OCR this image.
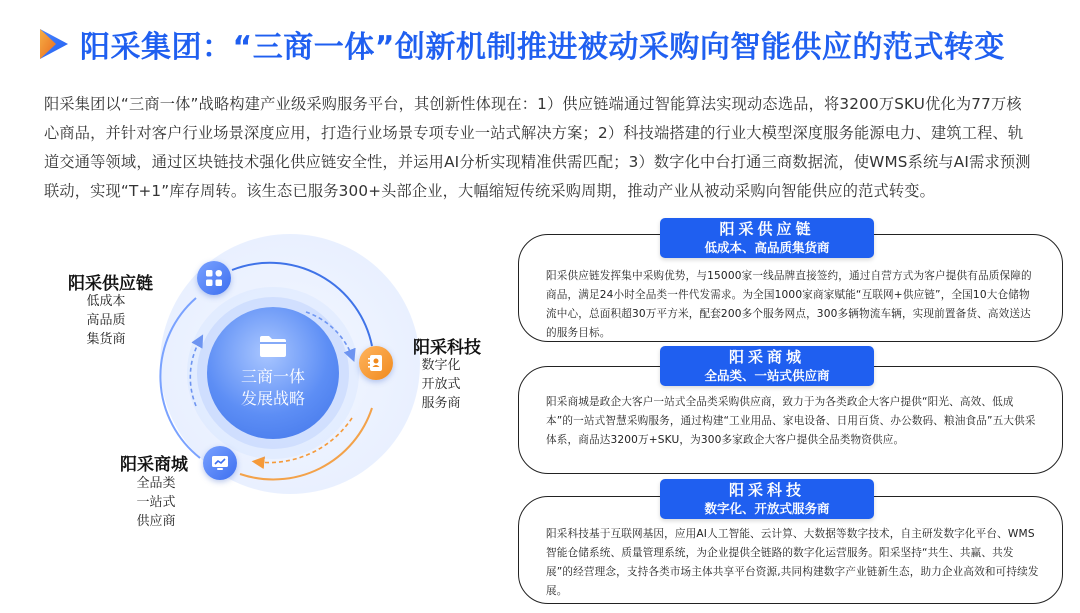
阳采集团：“三商一体”创新机制推进被动采购向智能供应的范式转变
阳采集团以“三商一体”战略构建产业级采购服务平台，其创新性体现在：1）供应链端通过智能算法实现动态选品，将3200万SKU优化为77万核心商品，并针对客户行业场景深度应用，打造行业场景专项专业一站式解决方案；2）科技端搭建的行业大模型深度服务能源电力、建筑工程、轨道交通等领域，通过区块链技术强化供应链安全性，并运用AI分析实现精准供需匹配；3）数字化中台打通三商数据流，使WMS系统与AI需求预测联动，实现“T+1”库存周转。该生态已服务300+头部企业，大幅缩短传统采购周期，推动产业从被动采购向智能供应的范式转变。
三商一体
发展战略
阳采供应链
低成本
高品质
集货商	阳采科技
数字化
开放式
服务商
阳采商城
全品类
一站式
供应商
阳采供应链发挥集中采购优势，与15000家一线品牌直接签约，通过自营方式为客户提供有品质保障的商品，满足24小时全品类一件代发需求。为全国1000家商家赋能“互联网+供应链”，全国10大仓储物流中心，总面积超30万平方米，配套200多个服务网点，300多辆物流车辆，实现前置备货、高效送达的服务目标。
阳采供应链
低成本、高品质集货商
阳采商城是政企大客户一站式全品类采购供应商，致力于为各类政企大客户提供“阳光、高效、低成本”的一站式智慧采购服务，通过构建“工业用品、家电设备、日用百货、办公数码、粮油食品”五大供采体系，商品达3200万+SKU，为300多家政企大客户提供全品类物资供应。
阳采商城
全品类、一站式供应商
阳采科技基于互联网基因，应用AI人工智能、云计算、大数据等数字技术，自主研发数字化平台、WMS智能仓储系统、质量管理系统，为企业提供全链路的数字化运营服务。阳采坚持“共生、共赢、共发展”的经营理念，支持各类市场主体共享平台资源,共同构建数字产业链新生态，助力企业高效和可持续发展。
阳采科技
数字化、开放式服务商
